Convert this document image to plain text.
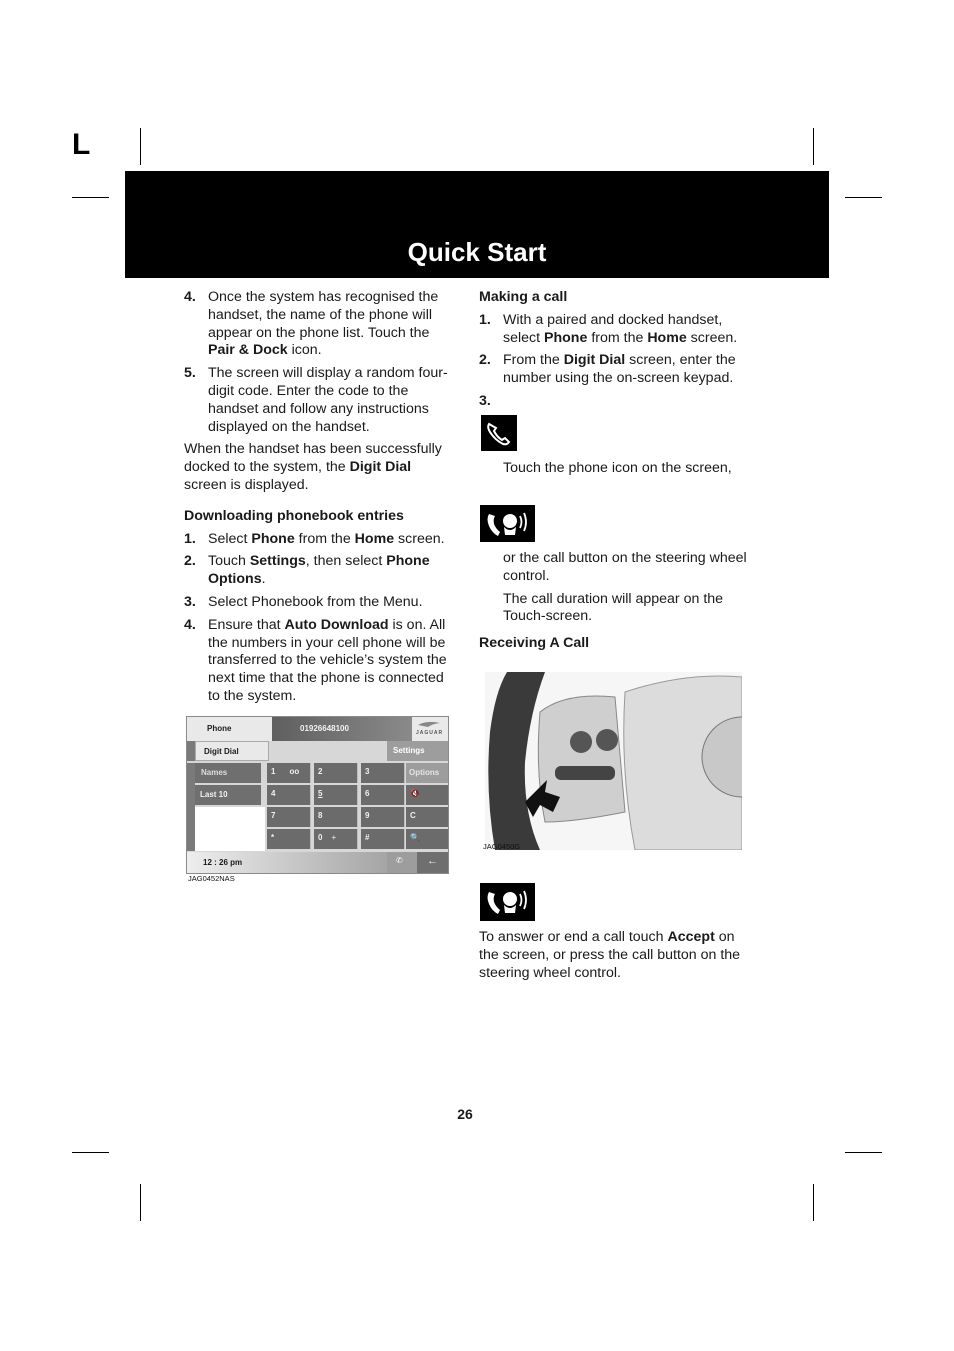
L
Quick Start
4. Once the system has recognised the handset, the name of the phone will appear on the phone list. Touch the Pair & Dock icon.
5. The screen will display a random four-digit code. Enter the code to the handset and follow any instructions displayed on the handset.
When the handset has been successfully docked to the system, the Digit Dial screen is displayed.
Downloading phonebook entries
1. Select Phone from the Home screen.
2. Touch Settings, then select Phone Options.
3. Select Phonebook from the Menu.
4. Ensure that Auto Download is on. All the numbers in your cell phone will be transferred to the vehicle’s system the next time that the phone is connected to the system.
Phone	01926648100	JAGUAR
Digit Dial	Settings
Names
Last 10
1 oo	2	3	Options
4	5	6	🔇
7	8	9	C
*	0 +	#	🔍
12 : 26 pm	✆	←
JAG0452NAS
Making a call
1. With a paired and docked handset, select Phone from the Home screen.
2. From the Digit Dial screen, enter the number using the on-screen keypad.
3.

Touch the phone icon on the screen,
or the call button on the steering wheel control.
The call duration will appear on the Touch-screen.
Receiving A Call
JAG0450G
To answer or end a call touch Accept on the screen, or press the call button on the steering wheel control.
26
